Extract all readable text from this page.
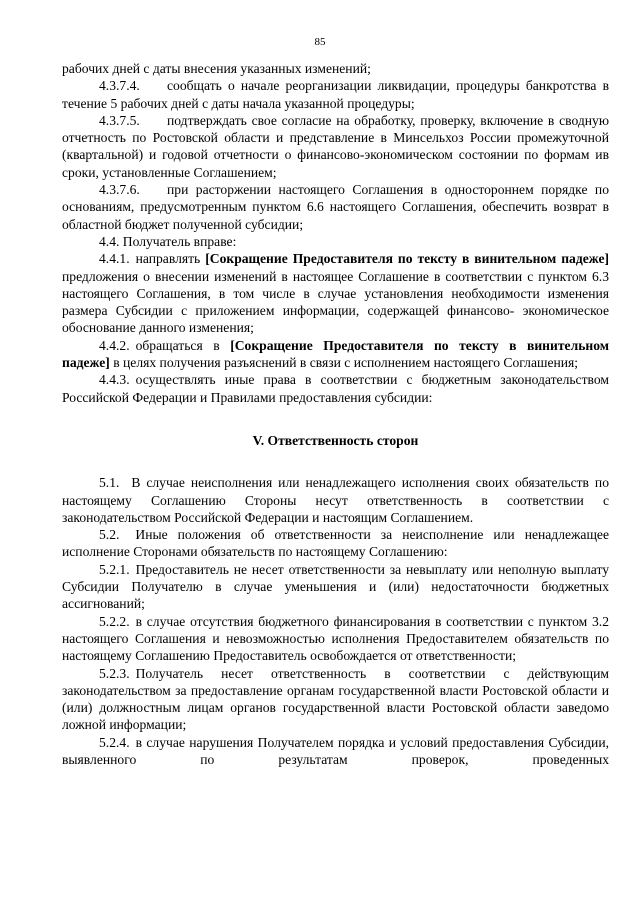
85

рабочих дней с даты внесения указанных изменений;

4.3.7.4. сообщать о начале реорганизации ликвидации, процедуры банкротства в течение 5 рабочих дней с даты начала указанной процедуры;

4.3.7.5. подтверждать свое согласие на обработку, проверку, включение в сводную отчетность по Ростовской области и представление в Минсельхоз России промежуточной (квартальной) и годовой отчетности о финансово-экономическом состоянии по формам ив сроки, установленные Соглашением;

4.3.7.6. при расторжении настоящего Соглашения в одностороннем порядке по основаниям, предусмотренным пунктом 6.6 настоящего Соглашения, обеспечить возврат в областной бюджет полученной субсидии;

4.4. Получатель вправе:

4.4.1. направлять [Сокращение Предоставителя по тексту в винительном падеже] предложения о внесении изменений в настоящее Соглашение в соответствии с пунктом 6.3 настоящего Соглашения, в том числе в случае установления необходимости изменения размера Субсидии с приложением информации, содержащей финансово- экономическое обоснование данного изменения;

4.4.2. обращаться в [Сокращение Предоставителя по тексту в винительном падеже] в целях получения разъяснений в связи с исполнением настоящего Соглашения;

4.4.3. осуществлять иные права в соответствии с бюджетным законодательством Российской Федерации и Правилами предоставления субсидии:

V. Ответственность сторон

5.1. В случае неисполнения или ненадлежащего исполнения своих обязательств по настоящему Соглашению Стороны несут ответственность в соответствии с законодательством Российской Федерации и настоящим Соглашением.

5.2. Иные положения об ответственности за неисполнение или ненадлежащее исполнение Сторонами обязательств по настоящему Соглашению:

5.2.1. Предоставитель не несет ответственности за невыплату или неполную выплату Субсидии Получателю в случае уменьшения и (или) недостаточности бюджетных ассигнований;

5.2.2. в случае отсутствия бюджетного финансирования в соответствии с пунктом 3.2 настоящего Соглашения и невозможностью исполнения Предоставителем обязательств по настоящему Соглашению Предоставитель освобождается от ответственности;

5.2.3. Получатель несет ответственность в соответствии с действующим законодательством за предоставление органам государственной власти Ростовской области и (или) должностным лицам органов государственной власти Ростовской области заведомо ложной информации;

5.2.4. в случае нарушения Получателем порядка и условий предоставления Субсидии, выявленного по результатам проверок, проведенных
